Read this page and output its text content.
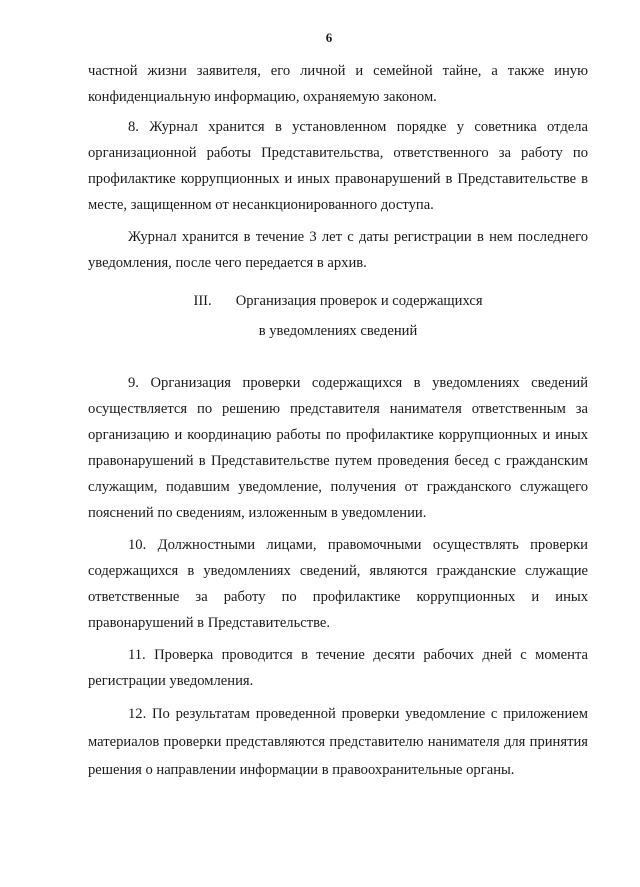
6

частной жизни заявителя, его личной и семейной тайне, а также иную конфиденциальную информацию, охраняемую законом.

8. Журнал хранится в установленном порядке у советника отдела организационной работы Представительства, ответственного за работу по профилактике коррупционных и иных правонарушений в Представительстве в месте, защищенном от несанкционированного доступа.

Журнал хранится в течение 3 лет с даты регистрации в нем последнего уведомления, после чего передается в архив.

III. Организация проверок и содержащихся
в уведомлениях сведений

9. Организация проверки содержащихся в уведомлениях сведений осуществляется по решению представителя нанимателя ответственным за организацию и координацию работы по профилактике коррупционных и иных правонарушений в Представительстве путем проведения бесед с гражданским служащим, подавшим уведомление, получения от гражданского служащего пояснений по сведениям, изложенным в уведомлении.

10. Должностными лицами, правомочными осуществлять проверки содержащихся в уведомлениях сведений, являются гражданские служащие ответственные за работу по профилактике коррупционных и иных правонарушений в Представительстве.

11. Проверка проводится в течение десяти рабочих дней с момента регистрации уведомления.

12. По результатам проведенной проверки уведомление с приложением материалов проверки представляются представителю нанимателя для принятия решения о направлении информации в правоохранительные органы.
